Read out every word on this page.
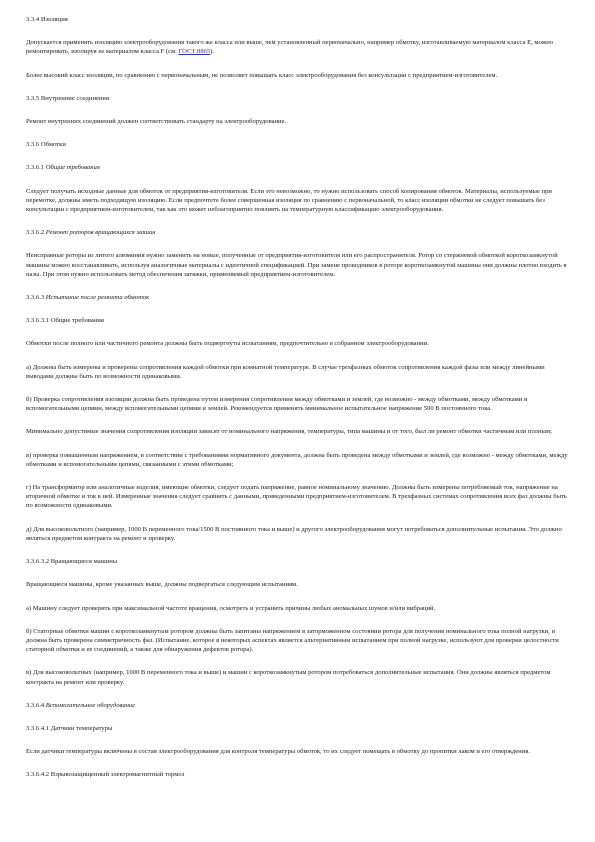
3.3.4 Изоляция

Допускается применять изоляцию электрооборудования такого же класса или выше, чем установленный первоначально, например обмотку, изготавливаемую материалом класса Е, можно ремонтировать, изолируя ее материалом класса F (см. ГОСТ 8865).

Более высокий класс изоляции, по сравнению с первоначальным, не позволяет повышать класс электрооборудования без консультации с предприятием-изготовителем.

3.3.5 Внутренние соединения

Ремонт внутренних соединений должен соответствовать стандарту на электрооборудование.

3.3.6 Обмотки

3.3.6.1 Общие требования

Следует получать исходные данные для обмоток от предприятия-изготовителя. Если это невозможно, то нужно использовать способ копирования обмоток. Материалы, используемые при перемотке, должны иметь подходящую изоляцию. Если предпочтете более совершенная изоляция по сравнению с первоначальной, то класс изоляции обмотки не следует повышать без консультации с предприятием-изготовителем, так как это может неблагоприятно повлиять на температурную классификацию электрооборудования.

3.3.6.2 Ремонт роторов вращающихся машин

Неисправные роторы из литого алюминия нужно заменить на новые, полученные от предприятия-изготовителя или его распространителя. Ротор со стержневой обмоткой короткозамкнутой машины можно восстанавливать, используя аналогичные материалы с идентичной спецификацией. При замене проводников в роторе короткозамкнутой машины они должны плотно входить в пазы. При этом нужно использовать метод обеспечения затяжки, применяемый предприятием-изготовителем.

3.3.6.3 Испытание после ремонта обмоток

3.3.6.3.1 Общие требования

Обмотки после полного или частичного ремонта должны быть подвергнуты испытаниям, предпочтительно в собранном электрооборудовании.

а) Должны быть измерены и проверены сопротивления каждой обмотки при комнатной температуре. В случае трехфазных обмоток сопротивления каждой фазы или между линейными выводами должны быть по возможности одинаковыми.

б) Проверка сопротивления изоляции должна быть проведена путем измерения сопротивления между обмотками и землей, где возможно - между обмотками, между обмотками и вспомогательными цепями, между вспомогательными цепями и землей. Рекомендуется применять минимальное испытательное напряжение 500 В постоянного тока.

Минимально допустимые значения сопротивления изоляции зависят от номинального напряжения, температуры, типа машины и от того, был ли ремонт обмотки частичным или полным;

в) проверка повышенным напряжением, в соответствии с требованиями нормативного документа, должна быть проведена между обмотками и землей, где возможно - между обмотками, между обмотками и вспомогательными цепями, связанными с этими обмотками;

г) На трансформатор или аналогичные изделия, имеющие обмотки, следует подать напряжение, равное номинальному значению. Должны быть измерены потребляемый ток, напряжение на вторичной обмотке и ток в ней. Измеренные значения следует сравнить с данными, приведенными предприятием-изготовителем. В трехфазных системах сопротивления всех фаз должны быть по возможности одинаковыми.

д) Для высоковольтного (например, 1000 В переменного тока/1500 В постоянного тока и выше) и другого электрооборудования могут потребоваться дополнительные испытания. Это должно являться предметом контракта на ремонт и проверку.

3.3.6.3.2 Вращающиеся машины

Вращающиеся машины, кроме указанных выше, должны подвергаться следующим испытаниям.

а) Машину следует проверить при максимальной частоте вращения, осмотреть и устранить причины любых аномальных шумов и/или вибраций.

б) Статорные обмотки машин с короткозамкнутым ротором должны быть запитаны напряжением в заторможенном состоянии ротора для получения номинального тока полной нагрузки, и должна быть проверена симметричность фаз. (Испытание, которое в некоторых аспектах является альтернативным испытанием при полной нагрузке, используют для проверки целостности статорной обмотки и ее соединений, а также для обнаружения дефектов ротора).

в) Для высоковольтных (например, 1000 В переменного тока и выше) и машин с короткозамкнутым ротором потребоваться дополнительные испытания. Они должны являться предметом контракта на ремонт или проверку.

3.3.6.4 Вспомогательное оборудование

3.3.6.4.1 Датчики температуры

Если датчики температуры включены в состав электрооборудования для контроля температуры обмоток, то их следует помещать в обмотку до пропитки лаком и его отверждения.

3.3.6.4.2 Взрывозащищенный электромагнитный тормоз
